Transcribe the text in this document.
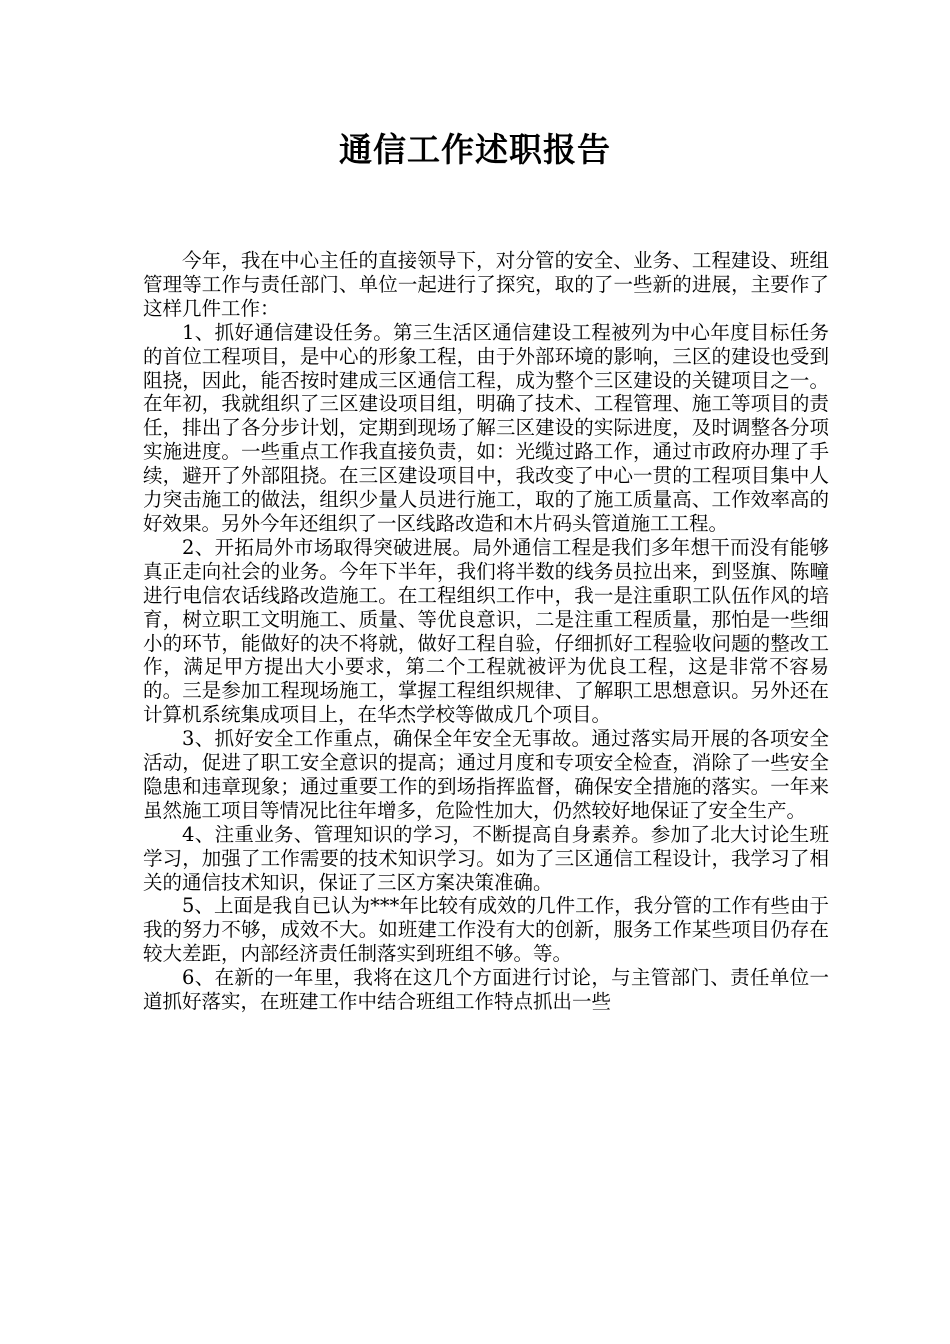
通信工作述职报告

今年，我在中心主任的直接领导下，对分管的安全、业务、工程建设、班组管理等工作与责任部门、单位一起进行了探究，取的了一些新的进展，主要作了这样几件工作：

1、抓好通信建设任务。第三生活区通信建设工程被列为中心年度目标任务的首位工程项目，是中心的形象工程，由于外部环境的影响，三区的建设也受到阻挠，因此，能否按时建成三区通信工程，成为整个三区建设的关键项目之一。在年初，我就组织了三区建设项目组，明确了技术、工程管理、施工等项目的责任，排出了各分步计划，定期到现场了解三区建设的实际进度，及时调整各分项实施进度。一些重点工作我直接负责，如：光缆过路工作，通过市政府办理了手续，避开了外部阻挠。在三区建设项目中，我改变了中心一贯的工程项目集中人力突击施工的做法，组织少量人员进行施工，取的了施工质量高、工作效率高的好效果。另外今年还组织了一区线路改造和木片码头管道施工工程。

2、开拓局外市场取得突破进展。局外通信工程是我们多年想干而没有能够真正走向社会的业务。今年下半年，我们将半数的线务员拉出来，到竖旗、陈疃进行电信农话线路改造施工。在工程组织工作中，我一是注重职工队伍作风的培育，树立职工文明施工、质量、等优良意识，二是注重工程质量，那怕是一些细小的环节，能做好的决不将就，做好工程自验，仔细抓好工程验收问题的整改工作，满足甲方提出大小要求，第二个工程就被评为优良工程，这是非常不容易的。三是参加工程现场施工，掌握工程组织规律、了解职工思想意识。另外还在计算机系统集成项目上，在华杰学校等做成几个项目。

3、抓好安全工作重点，确保全年安全无事故。通过落实局开展的各项安全活动，促进了职工安全意识的提高；通过月度和专项安全检查，消除了一些安全隐患和违章现象；通过重要工作的到场指挥监督，确保安全措施的落实。一年来虽然施工项目等情况比往年增多，危险性加大，仍然较好地保证了安全生产。

4、注重业务、管理知识的学习，不断提高自身素养。参加了北大讨论生班学习，加强了工作需要的技术知识学习。如为了三区通信工程设计，我学习了相关的通信技术知识，保证了三区方案决策准确。

5、上面是我自已认为***年比较有成效的几件工作，我分管的工作有些由于我的努力不够，成效不大。如班建工作没有大的创新，服务工作某些项目仍存在较大差距，内部经济责任制落实到班组不够。等。

6、在新的一年里，我将在这几个方面进行讨论，与主管部门、责任单位一道抓好落实，在班建工作中结合班组工作特点抓出一些
